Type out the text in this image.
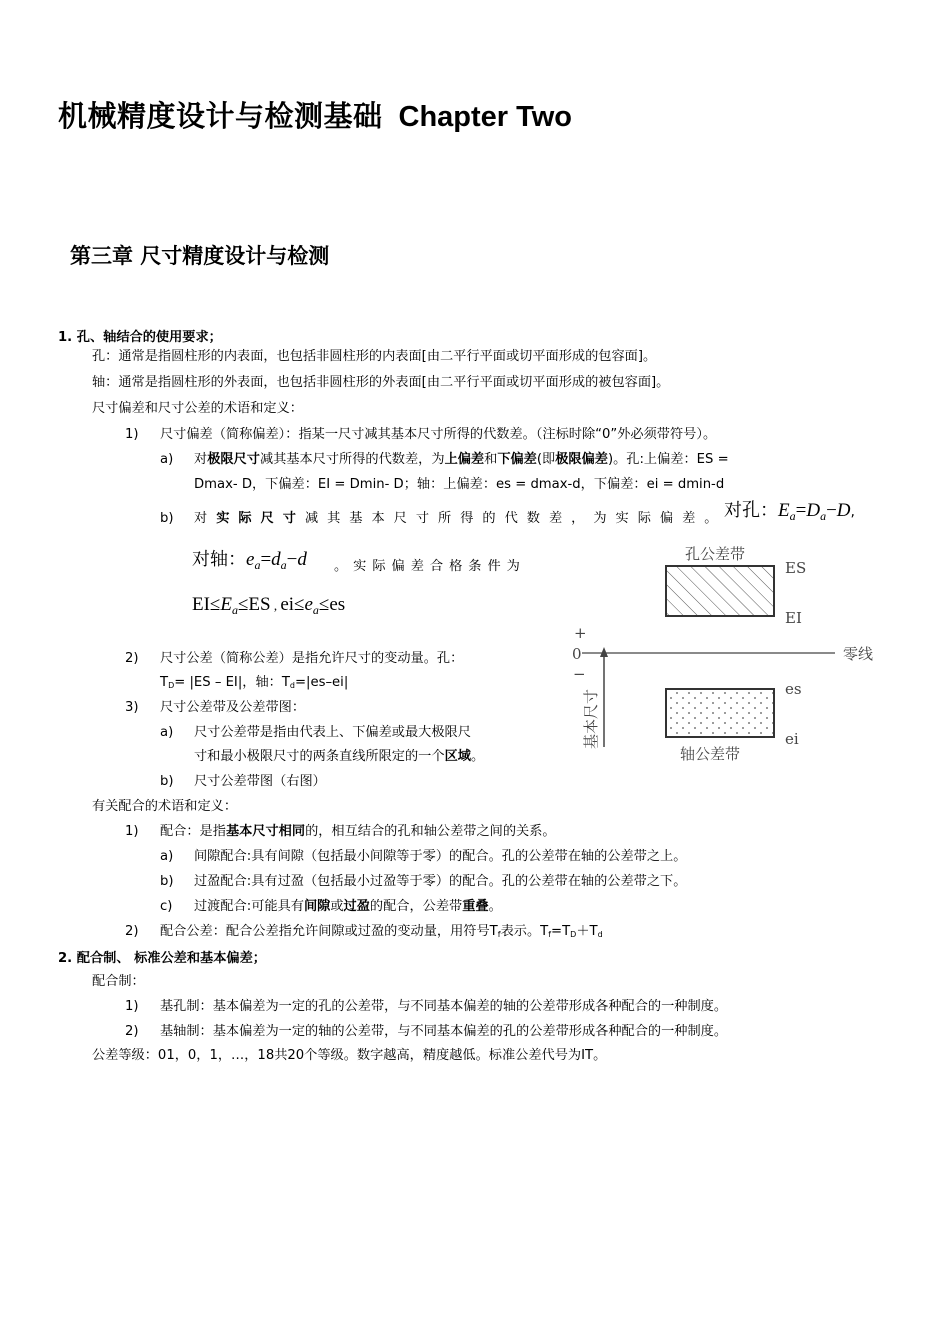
机械精度设计与检测基础 Chapter Two
第三章 尺寸精度设计与检测
1. 孔、轴结合的使用要求；
孔：通常是指圆柱形的内表面，也包括非圆柱形的内表面[由二平行平面或切平面形成的包容面]。
轴：通常是指圆柱形的外表面，也包括非圆柱形的外表面[由二平行平面或切平面形成的被包容面]。
尺寸偏差和尺寸公差的术语和定义：
1) 尺寸偏差（简称偏差）：指某一尺寸减其基本尺寸所得的代数差。（注标时除“0”外必须带符号）。
a) 对极限尺寸减其基本尺寸所得的代数差，为上偏差和下偏差(即极限偏差)。孔:上偏差：ES =
Dmax- D，下偏差：EI = Dmin- D；轴：上偏差：es = dmax-d，下偏差：ei = dmin-d
b) 对实际尺寸减其基本尺寸所得的代数差，为实际偏差。
对孔：$E_a=D_a-D$,
对轴：$e_a=d_a-d$ 。实际偏差合格条件为
$EI\le E_a\le ES$ , $ei\le e_a\le es$
2) 尺寸公差（简称公差）是指允许尺寸的变动量。孔：
$T_D= |ES - EI|$，轴：$T_d=|es-ei|$
3) 尺寸公差带及公差带图：
a) 尺寸公差带是指由代表上、下偏差或最大极限尺
寸和最小极限尺寸的两条直线所限定的一个区域。
b) 尺寸公差带图（右图）
有关配合的术语和定义：
1) 配合：是指基本尺寸相同的，相互结合的孔和轴公差带之间的关系。
a) 间隙配合:具有间隙（包括最小间隙等于零）的配合。孔的公差带在轴的公差带之上。
b) 过盈配合:具有过盈（包括最小过盈等于零）的配合。孔的公差带在轴的公差带之下。
c) 过渡配合:可能具有间隙或过盈的配合，公差带重叠。
2) 配合公差：配合公差指允许间隙或过盈的变动量，用符号$T_f$表示。$T_f=T_D+T_d$
2. 配合制、 标准公差和基本偏差；
配合制：
1) 基孔制：基本偏差为一定的孔的公差带，与不同基本偏差的轴的公差带形成各种配合的一种制度。
2) 基轴制：基本偏差为一定的轴的公差带，与不同基本偏差的孔的公差带形成各种配合的一种制度。
公差等级：01，0，1，…，18共20个等级。数字越高，精度越低。标准公差代号为IT。
孔公差带
ES
EI
+
0
−
零线
基本尺寸	es
ei
轴公差带
